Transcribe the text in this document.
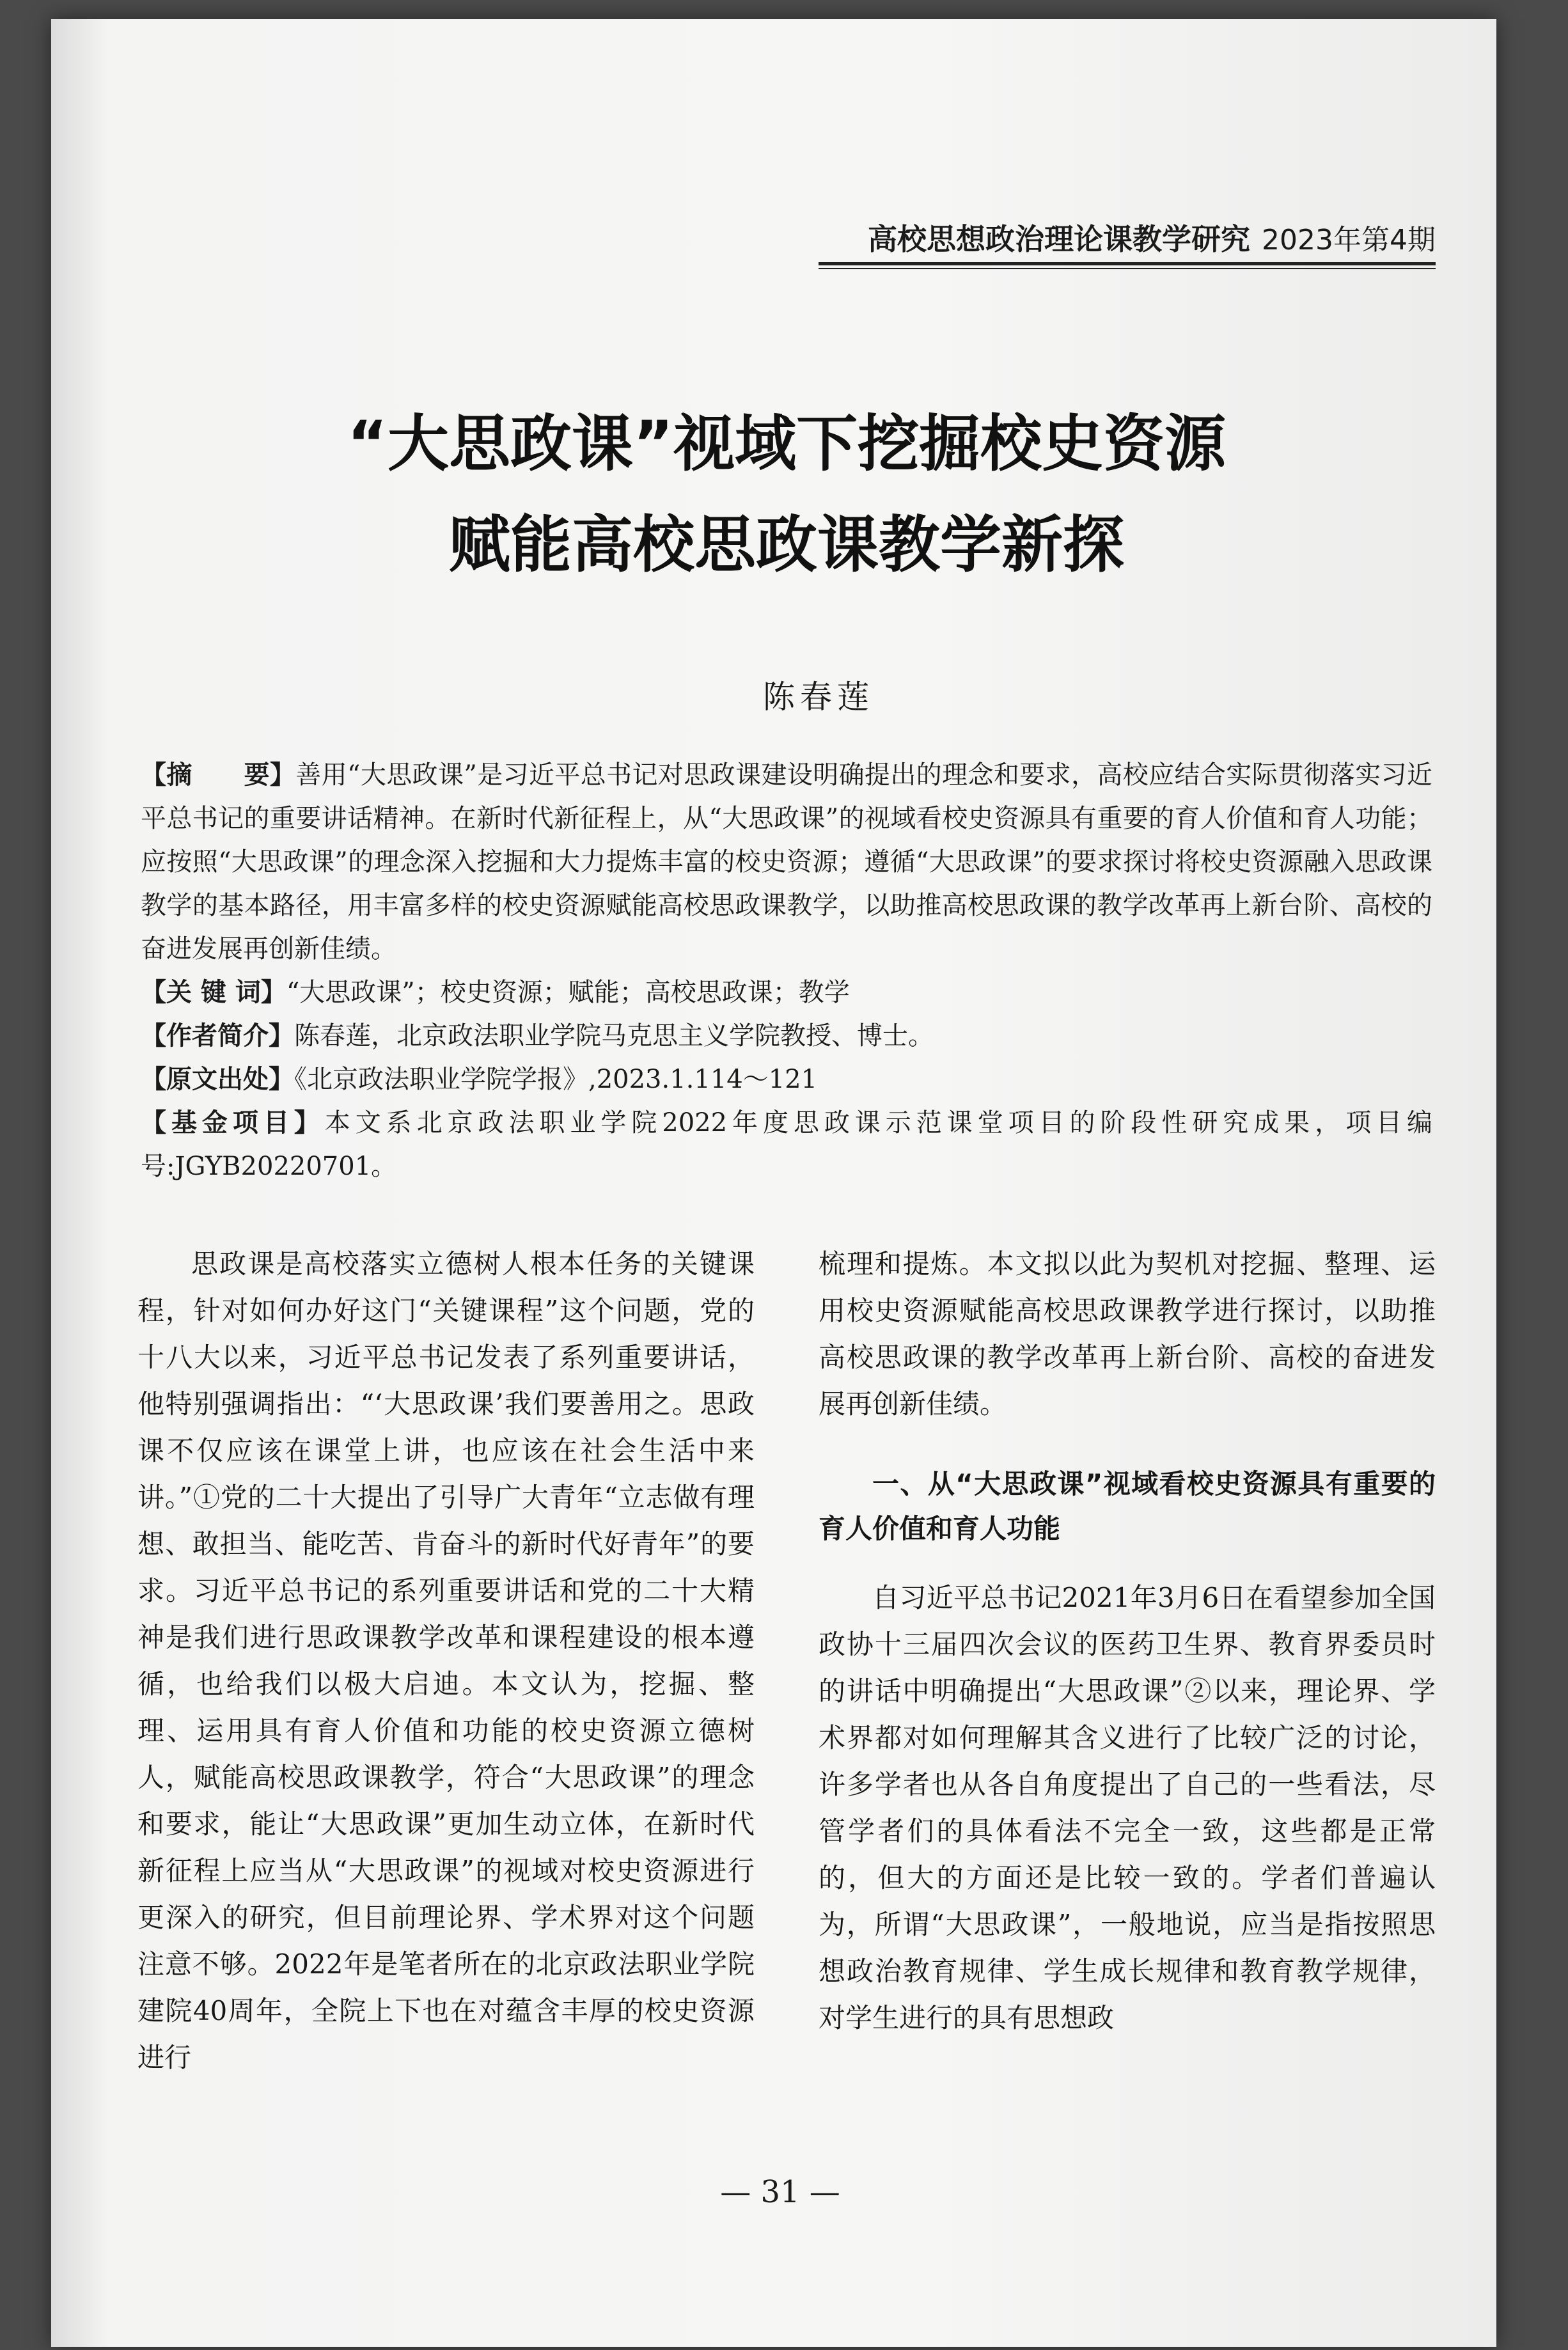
高校思想政治理论课教学研究 2023年第4期
“大思政课”视域下挖掘校史资源
赋能高校思政课教学新探
陈春莲

【摘　　要】善用“大思政课”是习近平总书记对思政课建设明确提出的理念和要求，高校应结合实际贯彻落实习近平总书记的重要讲话精神。在新时代新征程上，从“大思政课”的视域看校史资源具有重要的育人价值和育人功能；应按照“大思政课”的理念深入挖掘和大力提炼丰富的校史资源；遵循“大思政课”的要求探讨将校史资源融入思政课教学的基本路径，用丰富多样的校史资源赋能高校思政课教学，以助推高校思政课的教学改革再上新台阶、高校的奋进发展再创新佳绩。

【关 键 词】“大思政课”；校史资源；赋能；高校思政课；教学

【作者简介】陈春莲，北京政法职业学院马克思主义学院教授、博士。

【原文出处】《北京政法职业学院学报》,2023.1.114～121

【基金项目】本文系北京政法职业学院2022年度思政课示范课堂项目的阶段性研究成果，项目编号:JGYB20220701。

思政课是高校落实立德树人根本任务的关键课程，针对如何办好这门“关键课程”这个问题，党的十八大以来，习近平总书记发表了系列重要讲话，他特别强调指出：“‘大思政课’我们要善用之。思政课不仅应该在课堂上讲，也应该在社会生活中来讲。”①党的二十大提出了引导广大青年“立志做有理想、敢担当、能吃苦、肯奋斗的新时代好青年”的要求。习近平总书记的系列重要讲话和党的二十大精神是我们进行思政课教学改革和课程建设的根本遵循，也给我们以极大启迪。本文认为，挖掘、整理、运用具有育人价值和功能的校史资源立德树人，赋能高校思政课教学，符合“大思政课”的理念和要求，能让“大思政课”更加生动立体，在新时代新征程上应当从“大思政课”的视域对校史资源进行更深入的研究，但目前理论界、学术界对这个问题注意不够。2022年是笔者所在的北京政法职业学院建院40周年，全院上下也在对蕴含丰厚的校史资源进行

梳理和提炼。本文拟以此为契机对挖掘、整理、运用校史资源赋能高校思政课教学进行探讨，以助推高校思政课的教学改革再上新台阶、高校的奋进发展再创新佳绩。

一、从“大思政课”视域看校史资源具有重要的育人价值和育人功能

自习近平总书记2021年3月6日在看望参加全国政协十三届四次会议的医药卫生界、教育界委员时的讲话中明确提出“大思政课”②以来，理论界、学术界都对如何理解其含义进行了比较广泛的讨论，许多学者也从各自角度提出了自己的一些看法，尽管学者们的具体看法不完全一致，这些都是正常的，但大的方面还是比较一致的。学者们普遍认为，所谓“大思政课”，一般地说，应当是指按照思想政治教育规律、学生成长规律和教育教学规律，对学生进行的具有思想政

— 31 —
